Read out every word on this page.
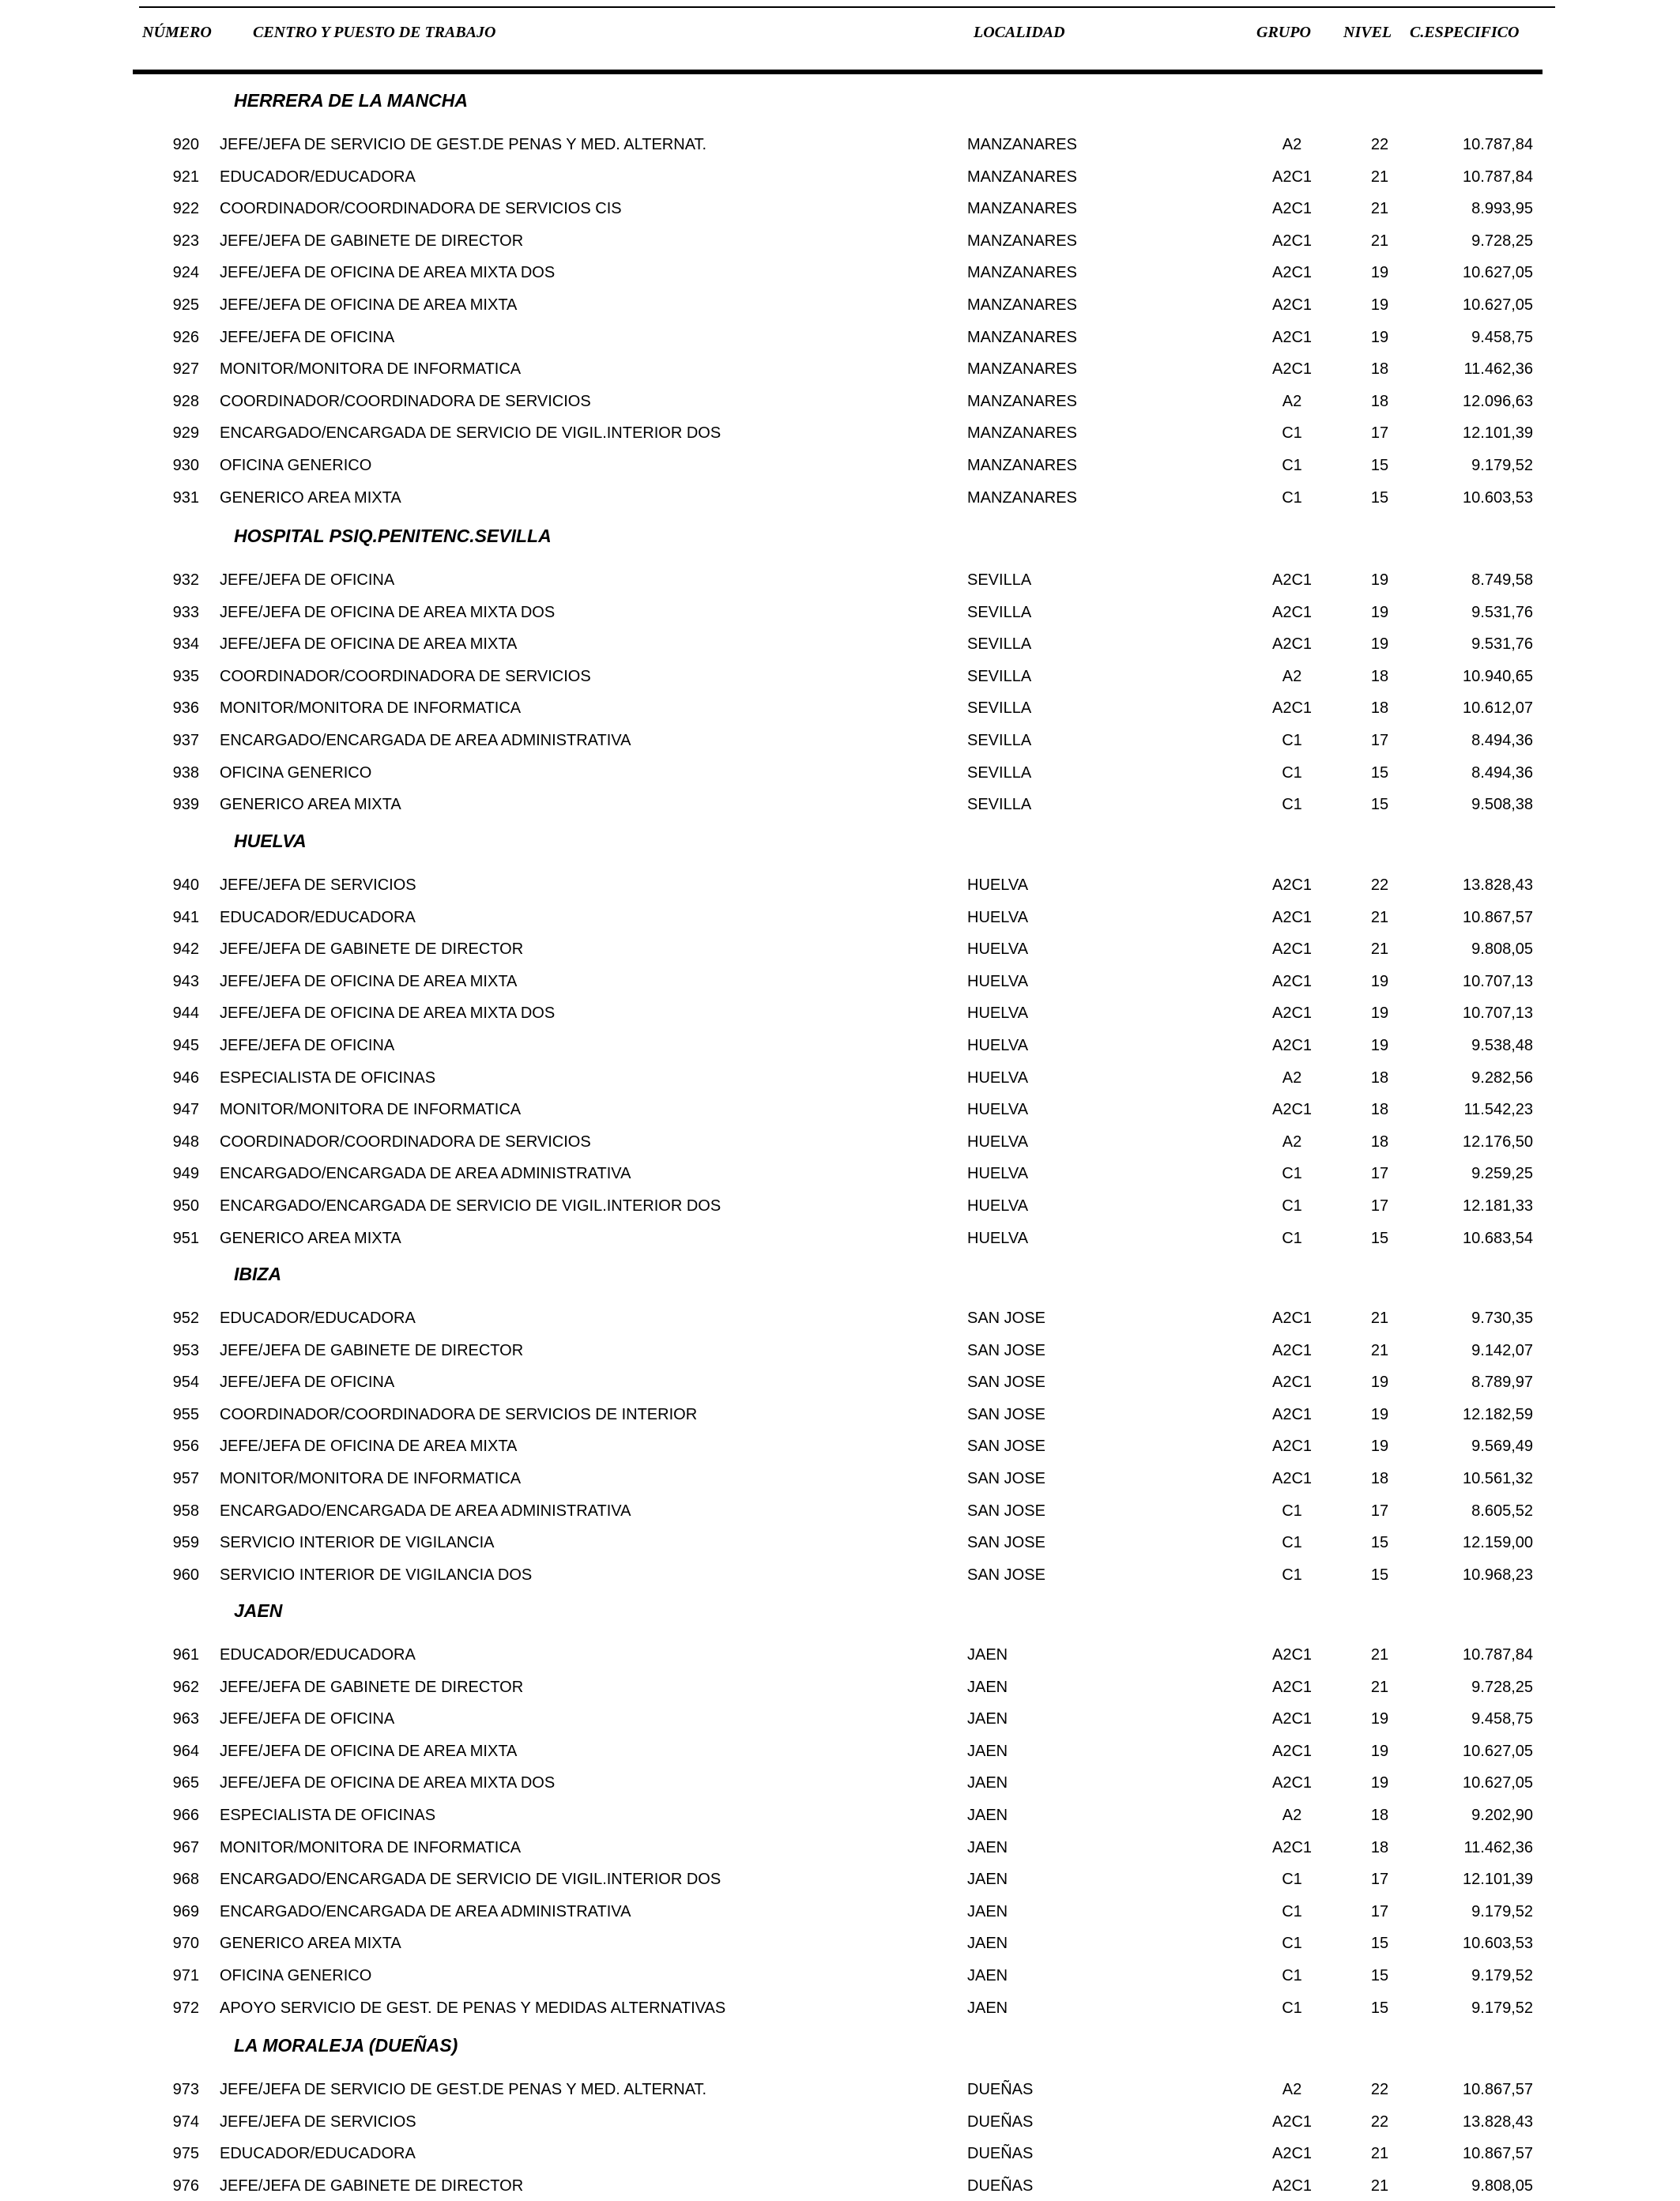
NÚMERO	CENTRO Y PUESTO DE TRABAJO	LOCALIDAD	GRUPO NIVEL C.ESPECIFICO
HERRERA DE LA MANCHA
920 JEFE/JEFA DE SERVICIO DE GEST.DE PENAS Y MED. ALTERNAT.	MANZANARES	A2	22	10.787,84
921 EDUCADOR/EDUCADORA	MANZANARES	A2C1	21	10.787,84
922 COORDINADOR/COORDINADORA DE SERVICIOS CIS	MANZANARES	A2C1	21	8.993,95
923 JEFE/JEFA DE GABINETE DE DIRECTOR	MANZANARES	A2C1	21	9.728,25
924 JEFE/JEFA DE OFICINA DE AREA MIXTA DOS	MANZANARES	A2C1	19	10.627,05
925 JEFE/JEFA DE OFICINA DE AREA MIXTA	MANZANARES	A2C1	19	10.627,05
926 JEFE/JEFA DE OFICINA	MANZANARES	A2C1	19	9.458,75
927 MONITOR/MONITORA DE INFORMATICA	MANZANARES	A2C1	18	11.462,36
928 COORDINADOR/COORDINADORA DE SERVICIOS	MANZANARES	A2	18	12.096,63
929 ENCARGADO/ENCARGADA DE SERVICIO DE VIGIL.INTERIOR DOS	MANZANARES	C1	17	12.101,39
930 OFICINA GENERICO	MANZANARES	C1	15	9.179,52
931 GENERICO AREA MIXTA	MANZANARES	C1	15	10.603,53
HOSPITAL PSIQ.PENITENC.SEVILLA
932 JEFE/JEFA DE OFICINA	SEVILLA	A2C1	19	8.749,58
933 JEFE/JEFA DE OFICINA DE AREA MIXTA DOS	SEVILLA	A2C1	19	9.531,76
934 JEFE/JEFA DE OFICINA DE AREA MIXTA	SEVILLA	A2C1	19	9.531,76
935 COORDINADOR/COORDINADORA DE SERVICIOS	SEVILLA	A2	18	10.940,65
936 MONITOR/MONITORA DE INFORMATICA	SEVILLA	A2C1	18	10.612,07
937 ENCARGADO/ENCARGADA DE AREA ADMINISTRATIVA	SEVILLA	C1	17	8.494,36
938 OFICINA GENERICO	SEVILLA	C1	15	8.494,36
939 GENERICO AREA MIXTA	SEVILLA	C1	15	9.508,38
HUELVA
940 JEFE/JEFA DE SERVICIOS	HUELVA	A2C1	22	13.828,43
941 EDUCADOR/EDUCADORA	HUELVA	A2C1	21	10.867,57
942 JEFE/JEFA DE GABINETE DE DIRECTOR	HUELVA	A2C1	21	9.808,05
943 JEFE/JEFA DE OFICINA DE AREA MIXTA	HUELVA	A2C1	19	10.707,13
944 JEFE/JEFA DE OFICINA DE AREA MIXTA DOS	HUELVA	A2C1	19	10.707,13
945 JEFE/JEFA DE OFICINA	HUELVA	A2C1	19	9.538,48
946 ESPECIALISTA DE OFICINAS	HUELVA	A2	18	9.282,56
947 MONITOR/MONITORA DE INFORMATICA	HUELVA	A2C1	18	11.542,23
948 COORDINADOR/COORDINADORA DE SERVICIOS	HUELVA	A2	18	12.176,50
949 ENCARGADO/ENCARGADA DE AREA ADMINISTRATIVA	HUELVA	C1	17	9.259,25
950 ENCARGADO/ENCARGADA DE SERVICIO DE VIGIL.INTERIOR DOS	HUELVA	C1	17	12.181,33
951 GENERICO AREA MIXTA	HUELVA	C1	15	10.683,54
IBIZA
952 EDUCADOR/EDUCADORA	SAN JOSE	A2C1	21	9.730,35
953 JEFE/JEFA DE GABINETE DE DIRECTOR	SAN JOSE	A2C1	21	9.142,07
954 JEFE/JEFA DE OFICINA	SAN JOSE	A2C1	19	8.789,97
955 COORDINADOR/COORDINADORA DE SERVICIOS DE INTERIOR	SAN JOSE	A2C1	19	12.182,59
956 JEFE/JEFA DE OFICINA DE AREA MIXTA	SAN JOSE	A2C1	19	9.569,49
957 MONITOR/MONITORA DE INFORMATICA	SAN JOSE	A2C1	18	10.561,32
958 ENCARGADO/ENCARGADA DE AREA ADMINISTRATIVA	SAN JOSE	C1	17	8.605,52
959 SERVICIO INTERIOR DE VIGILANCIA	SAN JOSE	C1	15	12.159,00
960 SERVICIO INTERIOR DE VIGILANCIA DOS	SAN JOSE	C1	15	10.968,23
JAEN
961 EDUCADOR/EDUCADORA	JAEN	A2C1	21	10.787,84
962 JEFE/JEFA DE GABINETE DE DIRECTOR	JAEN	A2C1	21	9.728,25
963 JEFE/JEFA DE OFICINA	JAEN	A2C1	19	9.458,75
964 JEFE/JEFA DE OFICINA DE AREA MIXTA	JAEN	A2C1	19	10.627,05
965 JEFE/JEFA DE OFICINA DE AREA MIXTA DOS	JAEN	A2C1	19	10.627,05
966 ESPECIALISTA DE OFICINAS	JAEN	A2	18	9.202,90
967 MONITOR/MONITORA DE INFORMATICA	JAEN	A2C1	18	11.462,36
968 ENCARGADO/ENCARGADA DE SERVICIO DE VIGIL.INTERIOR DOS	JAEN	C1	17	12.101,39
969 ENCARGADO/ENCARGADA DE AREA ADMINISTRATIVA	JAEN	C1	17	9.179,52
970 GENERICO AREA MIXTA	JAEN	C1	15	10.603,53
971 OFICINA GENERICO	JAEN	C1	15	9.179,52
972 APOYO SERVICIO DE GEST. DE PENAS Y MEDIDAS ALTERNATIVAS	JAEN	C1	15	9.179,52
LA MORALEJA (DUEÑAS)
973 JEFE/JEFA DE SERVICIO DE GEST.DE PENAS Y MED. ALTERNAT.	DUEÑAS	A2	22	10.867,57
974 JEFE/JEFA DE SERVICIOS	DUEÑAS	A2C1	22	13.828,43
975 EDUCADOR/EDUCADORA	DUEÑAS	A2C1	21	10.867,57
976 JEFE/JEFA DE GABINETE DE DIRECTOR	DUEÑAS	A2C1	21	9.808,05
